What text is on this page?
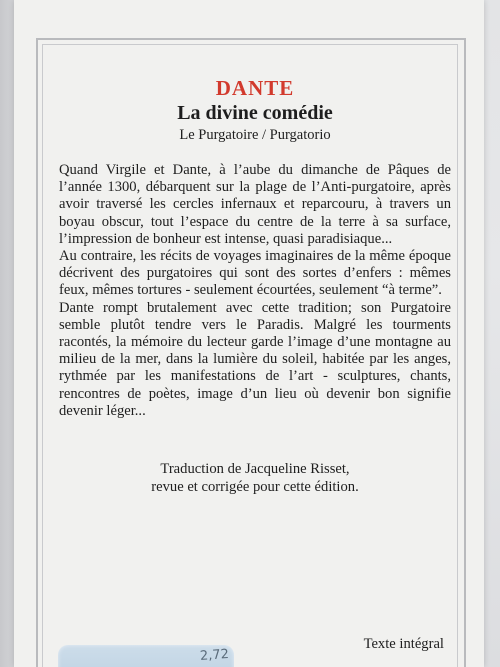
DANTE
La divine comédie
Le Purgatoire / Purgatorio

Quand Virgile et Dante, à l’aube du dimanche de Pâques de l’année 1300, débarquent sur la plage de l’Anti-purgatoire, après avoir traversé les cercles infernaux et reparcouru, à travers un boyau obscur, tout l’espace du centre de la terre à sa surface, l’impression de bonheur est intense, quasi paradisiaque...

Au contraire, les récits de voyages imaginaires de la même époque décrivent des purgatoires qui sont des sortes d’enfers : mêmes feux, mêmes tortures - seulement écourtées, seulement “à terme”.

Dante rompt brutalement avec cette tradition; son Purgatoire semble plutôt tendre vers le Paradis. Malgré les tourments racontés, la mémoire du lecteur garde l’image d’une montagne au milieu de la mer, dans la lumière du soleil, habitée par les anges, rythmée par les manifestations de l’art - sculptures, chants, rencontres de poètes, image d’un lieu où devenir bon signifie devenir léger...

Traduction de Jacqueline Risset,
revue et corrigée pour cette édition.
Texte intégral
2,72
